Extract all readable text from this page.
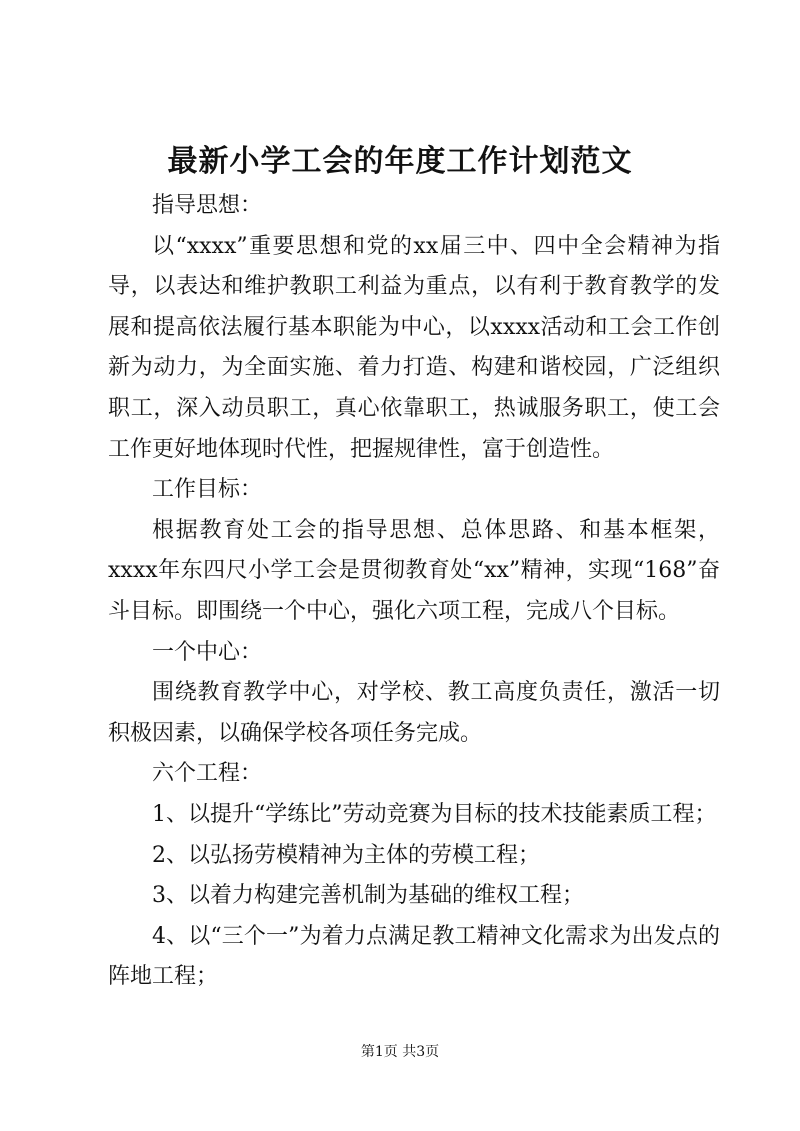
最新小学工会的年度工作计划范文

指导思想：

以“xxxx”重要思想和党的xx届三中、四中全会精神为指导，以表达和维护教职工利益为重点，以有利于教育教学的发展和提高依法履行基本职能为中心，以xxxx活动和工会工作创新为动力，为全面实施、着力打造、构建和谐校园，广泛组织职工，深入动员职工，真心依靠职工，热诚服务职工，使工会工作更好地体现时代性，把握规律性，富于创造性。

工作目标：

根据教育处工会的指导思想、总体思路、和基本框架，xxxx年东四尺小学工会是贯彻教育处“xx”精神，实现“168”奋斗目标。即围绕一个中心，强化六项工程，完成八个目标。

一个中心：

围绕教育教学中心，对学校、教工高度负责任，激活一切积极因素，以确保学校各项任务完成。

六个工程：

1、以提升“学练比”劳动竞赛为目标的技术技能素质工程；

2、以弘扬劳模精神为主体的劳模工程；

3、以着力构建完善机制为基础的维权工程；

4、以“三个一”为着力点满足教工精神文化需求为出发点的阵地工程；

第1页 共3页
